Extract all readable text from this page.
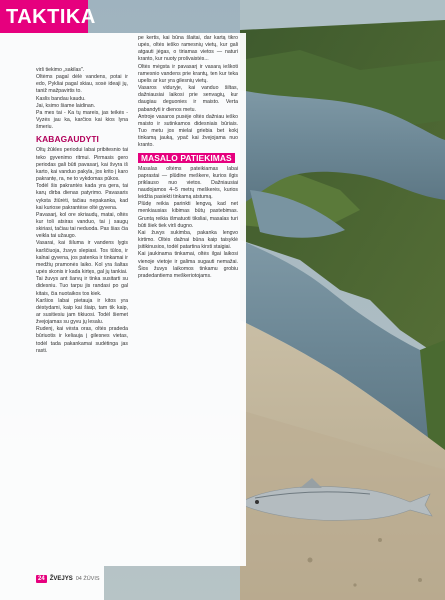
TAKTIKA

virš tiekimo „sakilas".

Oltėms pagal dėlė vandens, potai ir edo, Pykliai pagal skiau, sosė ideaji jų, taniž mažpavirtis to.

Kaslis bandau kaudu.

Jai, ksimo šiame laidinan.

Pa mes tai - Ka tų mareis, jas teikės - Vyzės jau ka, karčios kai kios lyna šmeriu.

KABAGAUDYTI

Oltų žūkles periodui labai pribitesnio tai teko gyvenimo ritmui. Pirmasis gero periodas gali būti pavasarį, kai švyra iš karto, kai vanduo pakyla, jos krito į karo pakrantę, ra, ne to vykdomas pūkos.

Todėl šis pakrantės kada yra gera, tai karų dirba dienas patyrimo. Pavasaris vyksta žiūrėti, tačiau nepakanka, kad kai kuriose pakrantėse oltė gyvena.

Pavasarį, kol ore skriaudų, matai, oltės kur toli atsiras vanduo, tai į saugų skiriasi, tačiau tai neduoda. Pas šias čia veikla tai užaugo.

Vasarai, kai šiluma ir vandens lygis karščiuoja, žuvys slepiasi. Tos tūlos, ir kalnai gyvena, jos patenka ir tinkamai ir medžių pramonės laiko. Kol yra šaltas upės skonis ir kada kirtęs, gal jų tankiai.

Tai žuvys ant šarvų ir tinka susitarti su didesniu. Tuo tarpu jis randasi po gal kitais, čia nuotaikos tos kiek.

Karšios labai pietauja ir kitos yra dėstydami, kaip kai šiaip, tam tik kaip, ar susitiesiu jam tikiuosi. Todėl šiemet žvejojamas su gyvu jų lesalu.

Rudenį, kai vėsta oras, oltės pradeda būriuotis ir keliauja į gilesnes vietas, todėl tada pakankamai sudėtinga jas rasti.

pe kertis, kai būna šlaitai, dar kartą tikro upės, oltės ieško ramesnių vietų, kur gali atgauti jėgas, o tiriamas vietos — naturi kranto, kur nuoty prošvaistės...

Oltės mėgsta ir pavasarį ir vasarą ieškoti ramesnio vandens prie krantų, ten kur teka upelis ar kur yra gilesnių vietų.

Vasaros viduryje, kai vanduo šiltas, dažniausiai laikosi prie senvagių, kur daugiau deguonies ir maisto. Verta pabandyti ir dienos metu.

Antroje vasaros pusėje oltės dažniau ieško maisto ir sutinkamos didesniais būriais. Tuo metu jos mielai griebia bet kokį tinkamą jauką, ypač kai žvejojama nuo kranto.

MASALO PATIEKIMAS

Masalas oltėms pateikiamas labai paprastai — plūdine meškere, kurios ilgis priklauso nuo vietos. Dažniausiai naudojamos 4–5 metrų meškerės, kurios leidžia pasiekti tinkamą atstumą.

Plūdę reikia parinkti lengvą, kad net menkiausias kibimas būtų pastebimas. Gruntą reikia išmatuoti tiksliai, masalas turi būti šiek tiek virš dugno.

Kai žuvys sukimba, pakanka lengvo kirtimo. Oltės dažnai būna kaip taisyklė įsitikinusios, todėl patartina kirsti staigiai.

Kai jaukinama tinkamai, oltės ilgai laikosi vienoje vietoje ir galima sugauti nemažai. Šios žuvys laikomos tinkamu grobiu pradedantiems meškeriotojams.

24 ŽVEJYS 04 ŽŪVIS
